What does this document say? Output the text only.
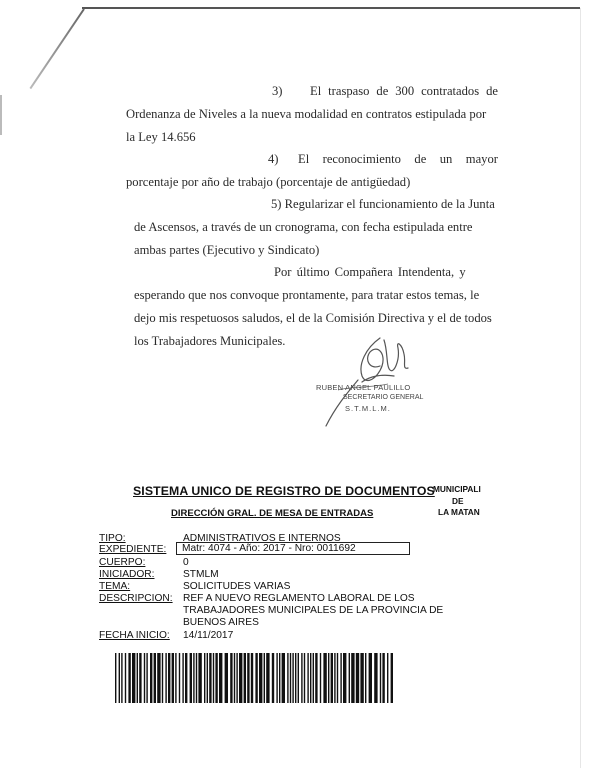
3) El traspaso de 300 contratados de
Ordenanza de Niveles a la nueva modalidad en contratos estipulada por
la Ley 14.656
4) El reconocimiento de un mayor
porcentaje por año de trabajo (porcentaje de antigüedad)
5) Regularizar el funcionamiento de la Junta
de Ascensos, a través de un cronograma, con fecha estipulada entre
ambas partes (Ejecutivo y Sindicato)
Por último Compañera Intendenta, y
esperando que nos convoque prontamente, para tratar estos temas, le
dejo mis respetuosos saludos, el de la Comisión Directiva y el de todos
los Trabajadores Municipales.
RUBEN ANGEL PAULILLO
SECRETARIO GENERAL
S.T.M.L.M.
SISTEMA UNICO DE REGISTRO DE DOCUMENTOS
DIRECCIÓN GRAL. DE MESA DE ENTRADAS
MUNICIPALI
DE
LA MATAN
TIPO:	ADMINISTRATIVOS E INTERNOS
EXPEDIENTE:	Matr: 4074 - Año: 2017 - Nro: 0011692
CUERPO:	0
INICIADOR:	STMLM
TEMA:	SOLICITUDES VARIAS
DESCRIPCION: REF A NUEVO REGLAMENTO LABORAL DE LOS
TRABAJADORES MUNICIPALES DE LA PROVINCIA DE
BUENOS AIRES
FECHA INICIO: 14/11/2017
